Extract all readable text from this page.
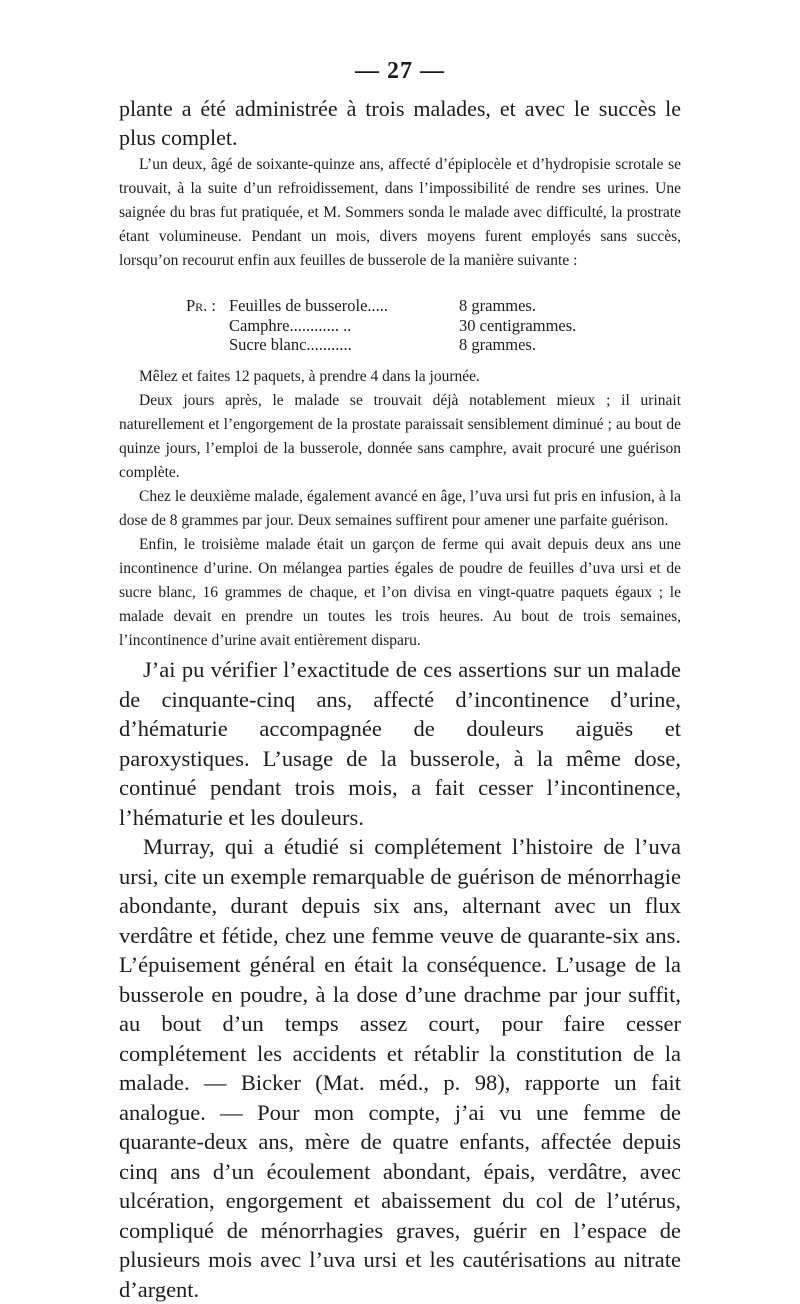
— 27 —
plante a été administrée à trois malades, et avec le succès le plus complet.

L’un deux, âgé de soixante-quinze ans, affecté d’épiplocèle et d’hydropisie scrotale se trouvait, à la suite d’un refroidissement, dans l’impossibilité de rendre ses urines. Une saignée du bras fut pratiquée, et M. Sommers sonda le malade avec difficulté, la prostrate étant volumineuse. Pendant un mois, divers moyens furent employés sans succès, lorsqu’on recourut enfin aux feuilles de busserole de la manière suivante :

Pr. : Feuilles de busserole.....	8 grammes.
Camphre............ ..	30 centigrammes.
Sucre blanc...........	8 grammes.

Mêlez et faites 12 paquets, à prendre 4 dans la journée.

Deux jours après, le malade se trouvait déjà notablement mieux ; il urinait naturellement et l’engorgement de la prostate paraissait sensiblement diminué ; au bout de quinze jours, l’emploi de la busserole, donnée sans camphre, avait procuré une guérison complète.

Chez le deuxième malade, également avancé en âge, l’uva ursi fut pris en infusion, à la dose de 8 grammes par jour. Deux semaines suffirent pour amener une parfaite guérison.

Enfin, le troisième malade était un garçon de ferme qui avait depuis deux ans une incontinence d’urine. On mélangea parties égales de poudre de feuilles d’uva ursi et de sucre blanc, 16 grammes de chaque, et l’on divisa en vingt-quatre paquets égaux ; le malade devait en prendre un toutes les trois heures. Au bout de trois semaines, l’incontinence d’urine avait entièrement disparu.

J’ai pu vérifier l’exactitude de ces assertions sur un malade de cinquante-cinq ans, affecté d’incontinence d’urine, d’hématurie accompagnée de douleurs aiguës et paroxystiques. L’usage de la busserole, à la même dose, continué pendant trois mois, a fait cesser l’incontinence, l’hématurie et les douleurs.

Murray, qui a étudié si complétement l’histoire de l’uva ursi, cite un exemple remarquable de guérison de ménorrhagie abondante, durant depuis six ans, alternant avec un flux verdâtre et fétide, chez une femme veuve de quarante-six ans. L’épuisement général en était la conséquence. L’usage de la busserole en poudre, à la dose d’une drachme par jour suffit, au bout d’un temps assez court, pour faire cesser complétement les accidents et rétablir la constitution de la malade. — Bicker (Mat. méd., p. 98), rapporte un fait analogue. — Pour mon compte, j’ai vu une femme de quarante-deux ans, mère de quatre enfants, affectée depuis cinq ans d’un écoulement abondant, épais, verdâtre, avec ulcération, engorgement et abaissement du col de l’utérus, compliqué de ménorrhagies graves, guérir en l’espace de plusieurs mois avec l’uva ursi et les cautérisations au nitrate d’argent.
